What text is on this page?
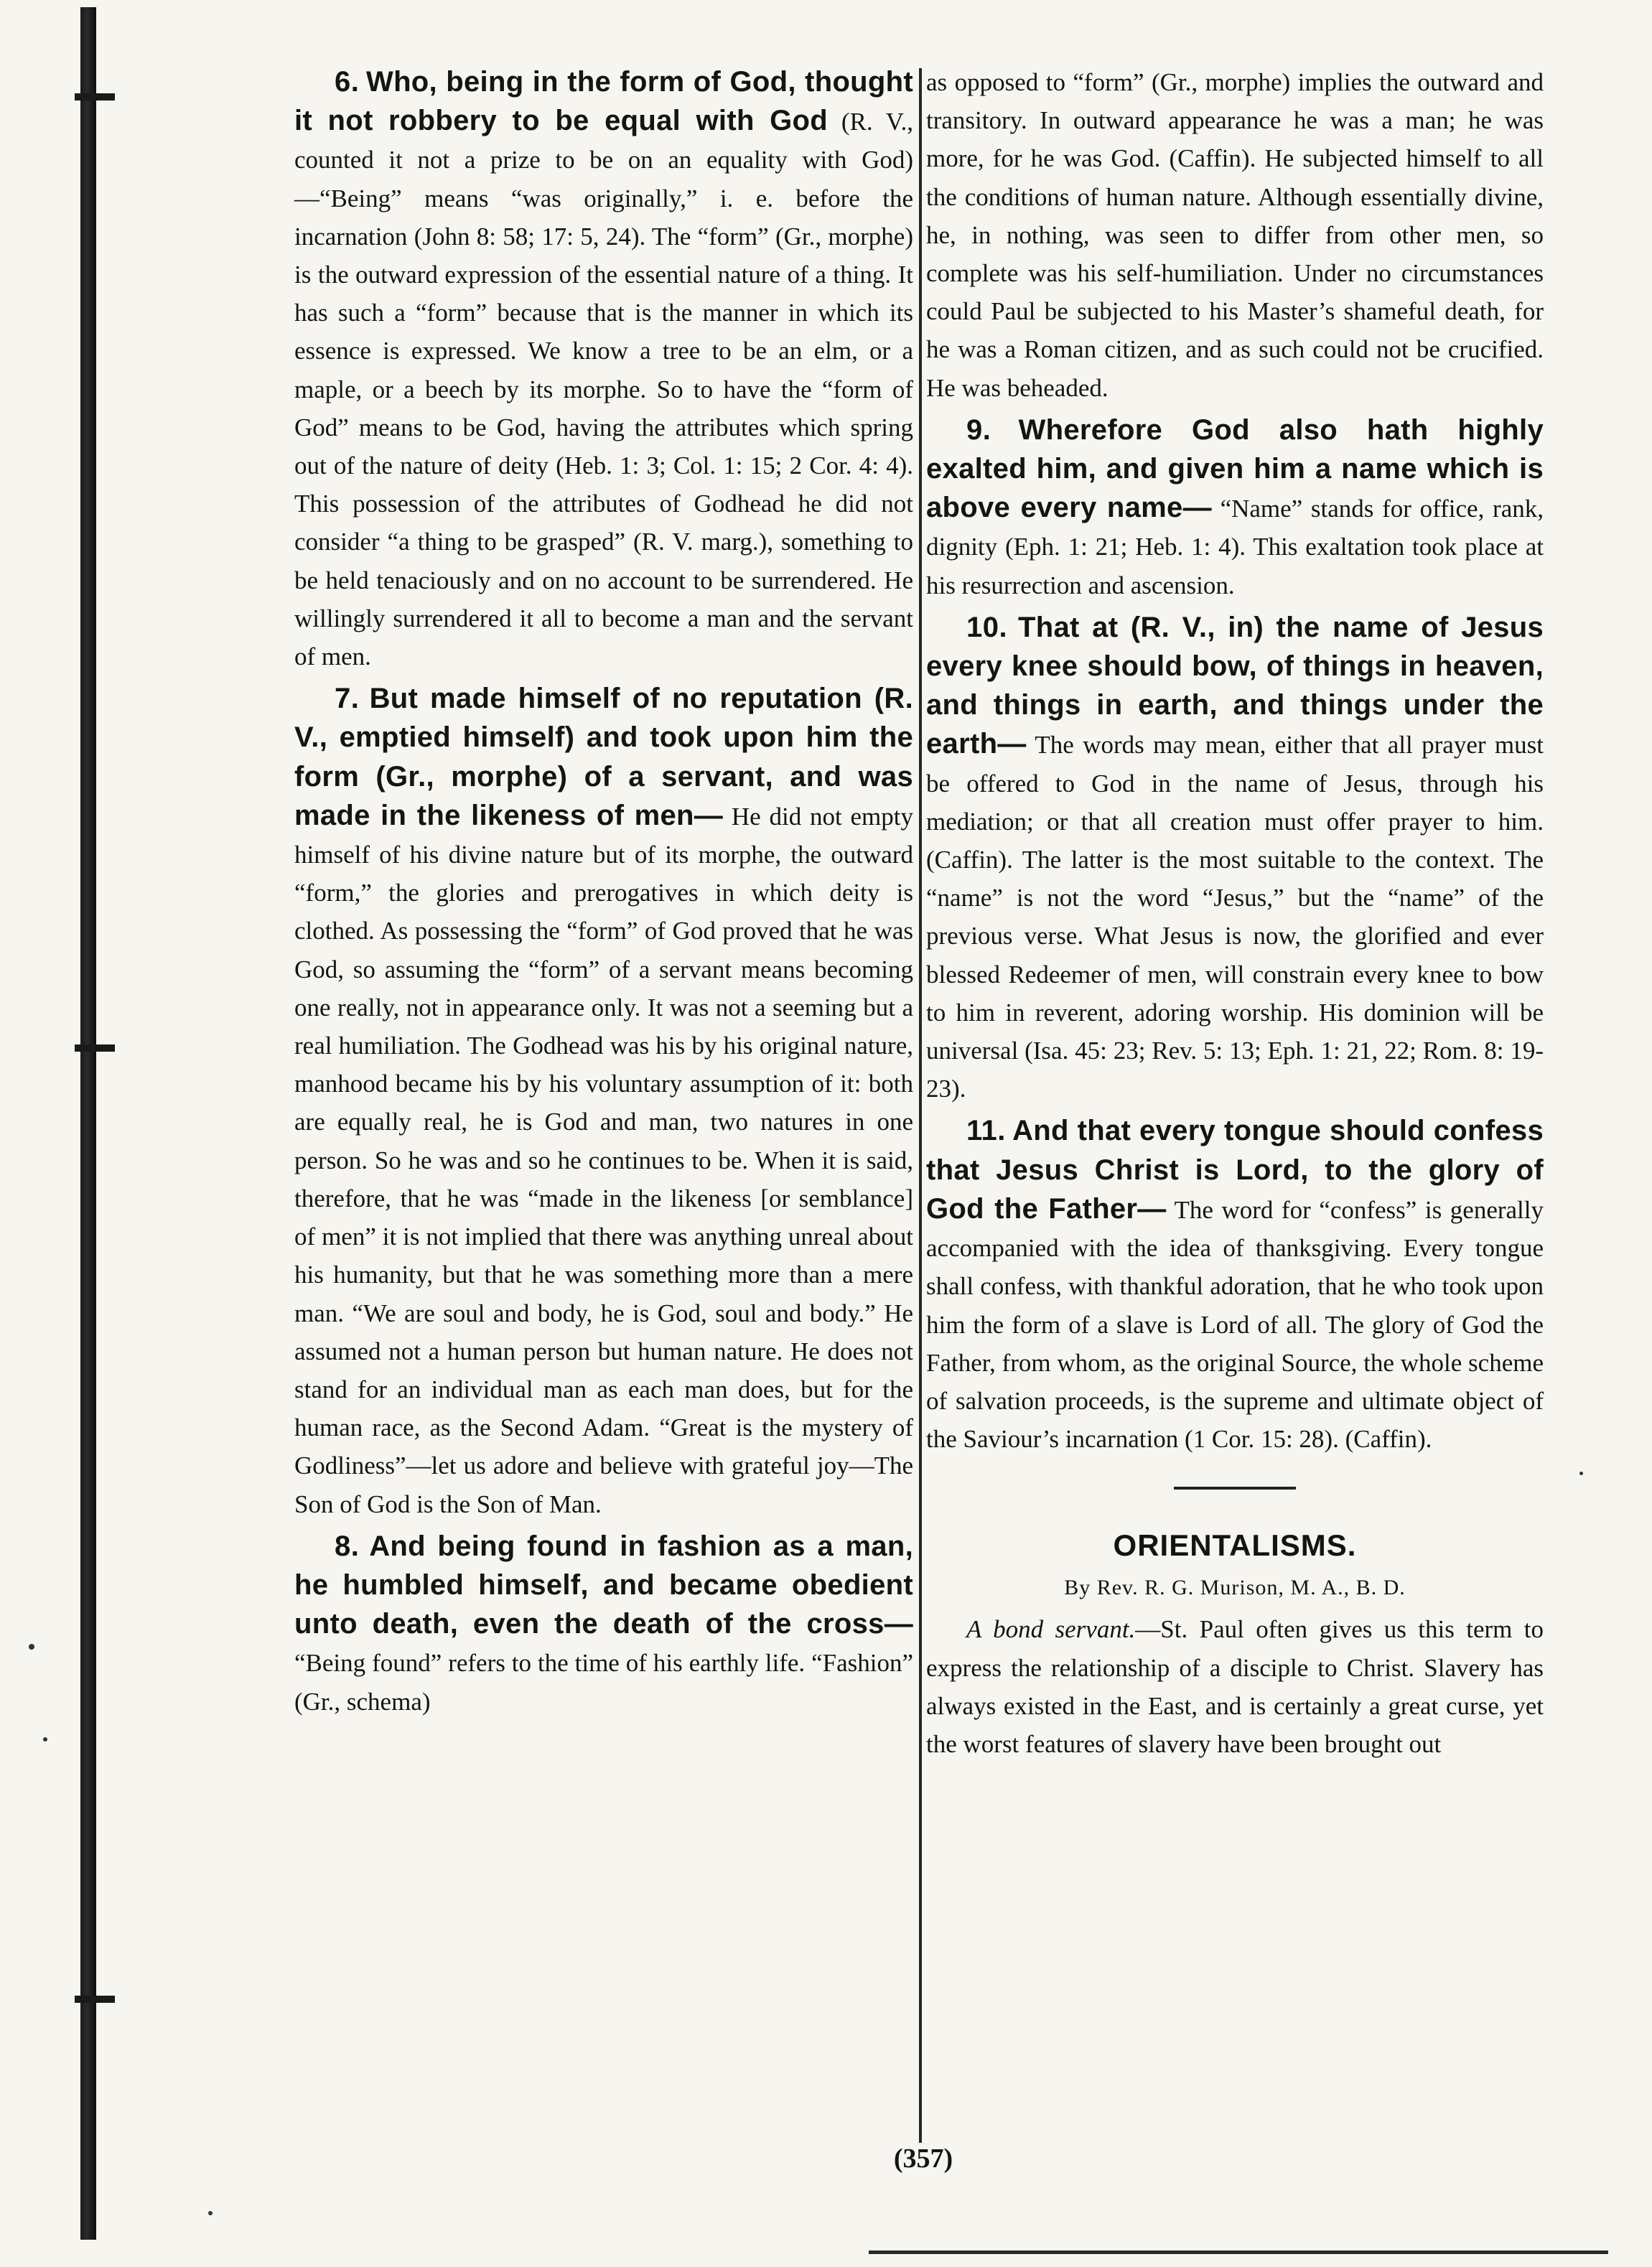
6. Who, being in the form of God, thought it not robbery to be equal with God (R. V., counted it not a prize to be on an equality with God)—“Being” means “was originally,” i. e. before the incarnation (John 8: 58; 17: 5, 24). The “form” (Gr., morphe) is the outward expression of the essential nature of a thing. It has such a “form” because that is the manner in which its essence is expressed. We know a tree to be an elm, or a maple, or a beech by its morphe. So to have the “form of God” means to be God, having the attributes which spring out of the nature of deity (Heb. 1: 3; Col. 1: 15; 2 Cor. 4: 4). This possession of the attributes of Godhead he did not consider “a thing to be grasped” (R. V. marg.), something to be held tenaciously and on no account to be surrendered. He willingly surrendered it all to become a man and the servant of men.

7. But made himself of no reputation (R. V., emptied himself) and took upon him the form (Gr., morphe) of a servant, and was made in the likeness of men— He did not empty himself of his divine nature but of its morphe, the outward “form,” the glories and prerogatives in which deity is clothed. As possessing the “form” of God proved that he was God, so assuming the “form” of a servant means becoming one really, not in appearance only. It was not a seeming but a real humiliation. The Godhead was his by his original nature, manhood became his by his voluntary assumption of it: both are equally real, he is God and man, two natures in one person. So he was and so he continues to be. When it is said, therefore, that he was “made in the likeness [or semblance] of men” it is not implied that there was anything unreal about his humanity, but that he was something more than a mere man. “We are soul and body, he is God, soul and body.” He assumed not a human person but human nature. He does not stand for an individual man as each man does, but for the human race, as the Second Adam. “Great is the mystery of Godliness”—let us adore and believe with grateful joy—The Son of God is the Son of Man.

8. And being found in fashion as a man, he humbled himself, and became obedient unto death, even the death of the cross— “Being found” refers to the time of his earthly life. “Fashion” (Gr., schema)

as opposed to “form” (Gr., morphe) implies the outward and transitory. In outward appearance he was a man; he was more, for he was God. (Caffin). He subjected himself to all the conditions of human nature. Although essentially divine, he, in nothing, was seen to differ from other men, so complete was his self-humiliation. Under no circumstances could Paul be subjected to his Master’s shameful death, for he was a Roman citizen, and as such could not be crucified. He was beheaded.

9. Wherefore God also hath highly exalted him, and given him a name which is above every name— “Name” stands for office, rank, dignity (Eph. 1: 21; Heb. 1: 4). This exaltation took place at his resurrection and ascension.

10. That at (R. V., in) the name of Jesus every knee should bow, of things in heaven, and things in earth, and things under the earth— The words may mean, either that all prayer must be offered to God in the name of Jesus, through his mediation; or that all creation must offer prayer to him. (Caffin). The latter is the most suitable to the context. The “name” is not the word “Jesus,” but the “name” of the previous verse. What Jesus is now, the glorified and ever blessed Redeemer of men, will constrain every knee to bow to him in reverent, adoring worship. His dominion will be universal (Isa. 45: 23; Rev. 5: 13; Eph. 1: 21, 22; Rom. 8: 19-23).

11. And that every tongue should confess that Jesus Christ is Lord, to the glory of God the Father— The word for “confess” is generally accompanied with the idea of thanksgiving. Every tongue shall confess, with thankful adoration, that he who took upon him the form of a slave is Lord of all. The glory of God the Father, from whom, as the original Source, the whole scheme of salvation proceeds, is the supreme and ultimate object of the Saviour’s incarnation (1 Cor. 15: 28). (Caffin).

ORIENTALISMS.
By Rev. R. G. Murison, M. A., B. D.

A bond servant.—St. Paul often gives us this term to express the relationship of a disciple to Christ. Slavery has always existed in the East, and is certainly a great curse, yet the worst features of slavery have been brought out

(357)
